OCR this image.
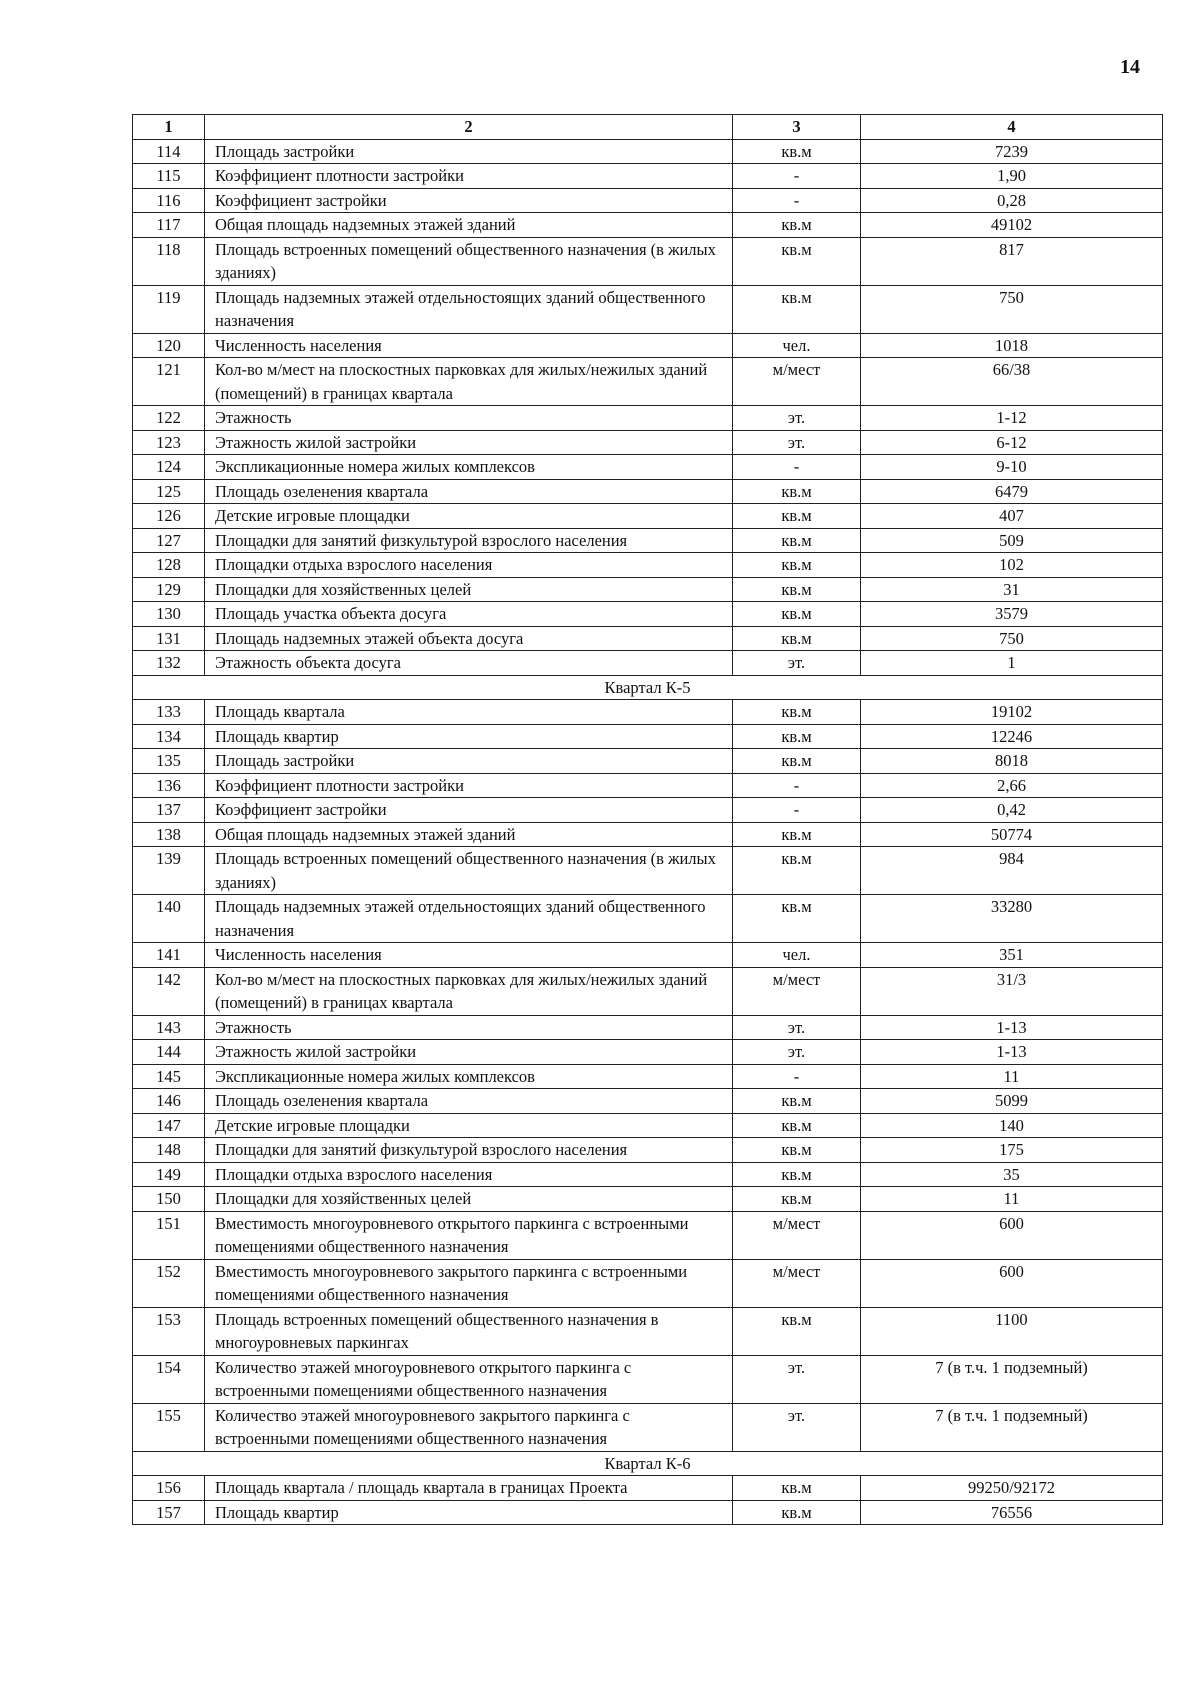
14
1	2	3	4
114	Площадь застройки	кв.м	7239
115	Коэффициент плотности застройки	-	1,90
116	Коэффициент застройки	-	0,28
117	Общая площадь надземных этажей зданий	кв.м	49102
118	Площадь встроенных помещений общественного назначения (в жилых зданиях)	кв.м	817
119	Площадь надземных этажей отдельностоящих зданий общественного назначения	кв.м	750
120	Численность населения	чел.	1018
121	Кол-во м/мест на плоскостных парковках для жилых/нежилых зданий (помещений) в границах квартала	м/мест	66/38
122	Этажность	эт.	1-12
123	Этажность жилой застройки	эт.	6-12
124	Экспликационные номера жилых комплексов	-	9-10
125	Площадь озеленения квартала	кв.м	6479
126	Детские игровые площадки	кв.м	407
127	Площадки для занятий физкультурой взрослого населения	кв.м	509
128	Площадки отдыха взрослого населения	кв.м	102
129	Площадки для хозяйственных целей	кв.м	31
130	Площадь участка объекта досуга	кв.м	3579
131	Площадь надземных этажей объекта досуга	кв.м	750
132	Этажность объекта досуга	эт.	1
Квартал К-5			
133	Площадь квартала	кв.м	19102
134	Площадь квартир	кв.м	12246
135	Площадь застройки	кв.м	8018
136	Коэффициент плотности застройки	-	2,66
137	Коэффициент застройки	-	0,42
138	Общая площадь надземных этажей зданий	кв.м	50774
139	Площадь встроенных помещений общественного назначения (в жилых зданиях)	кв.м	984
140	Площадь надземных этажей отдельностоящих зданий общественного назначения	кв.м	33280
141	Численность населения	чел.	351
142	Кол-во м/мест на плоскостных парковках для жилых/нежилых зданий (помещений) в границах квартала	м/мест	31/3
143	Этажность	эт.	1-13
144	Этажность жилой застройки	эт.	1-13
145	Экспликационные номера жилых комплексов	-	11
146	Площадь озеленения квартала	кв.м	5099
147	Детские игровые площадки	кв.м	140
148	Площадки для занятий физкультурой взрослого населения	кв.м	175
149	Площадки отдыха взрослого населения	кв.м	35
150	Площадки для хозяйственных целей	кв.м	11
151	Вместимость многоуровневого открытого паркинга с встроенными помещениями общественного назначения	м/мест	600
152	Вместимость многоуровневого закрытого паркинга с встроенными помещениями общественного назначения	м/мест	600
153	Площадь встроенных помещений общественного назначения в многоуровневых паркингах	кв.м	1100
154	Количество этажей многоуровневого открытого паркинга с встроенными помещениями общественного назначения	эт.	7 (в т.ч. 1 подземный)
155	Количество этажей многоуровневого закрытого паркинга с встроенными помещениями общественного назначения	эт.	7 (в т.ч. 1 подземный)
Квартал К-6			
156	Площадь квартала / площадь квартала в границах Проекта	кв.м	99250/92172
157	Площадь квартир	кв.м	76556
